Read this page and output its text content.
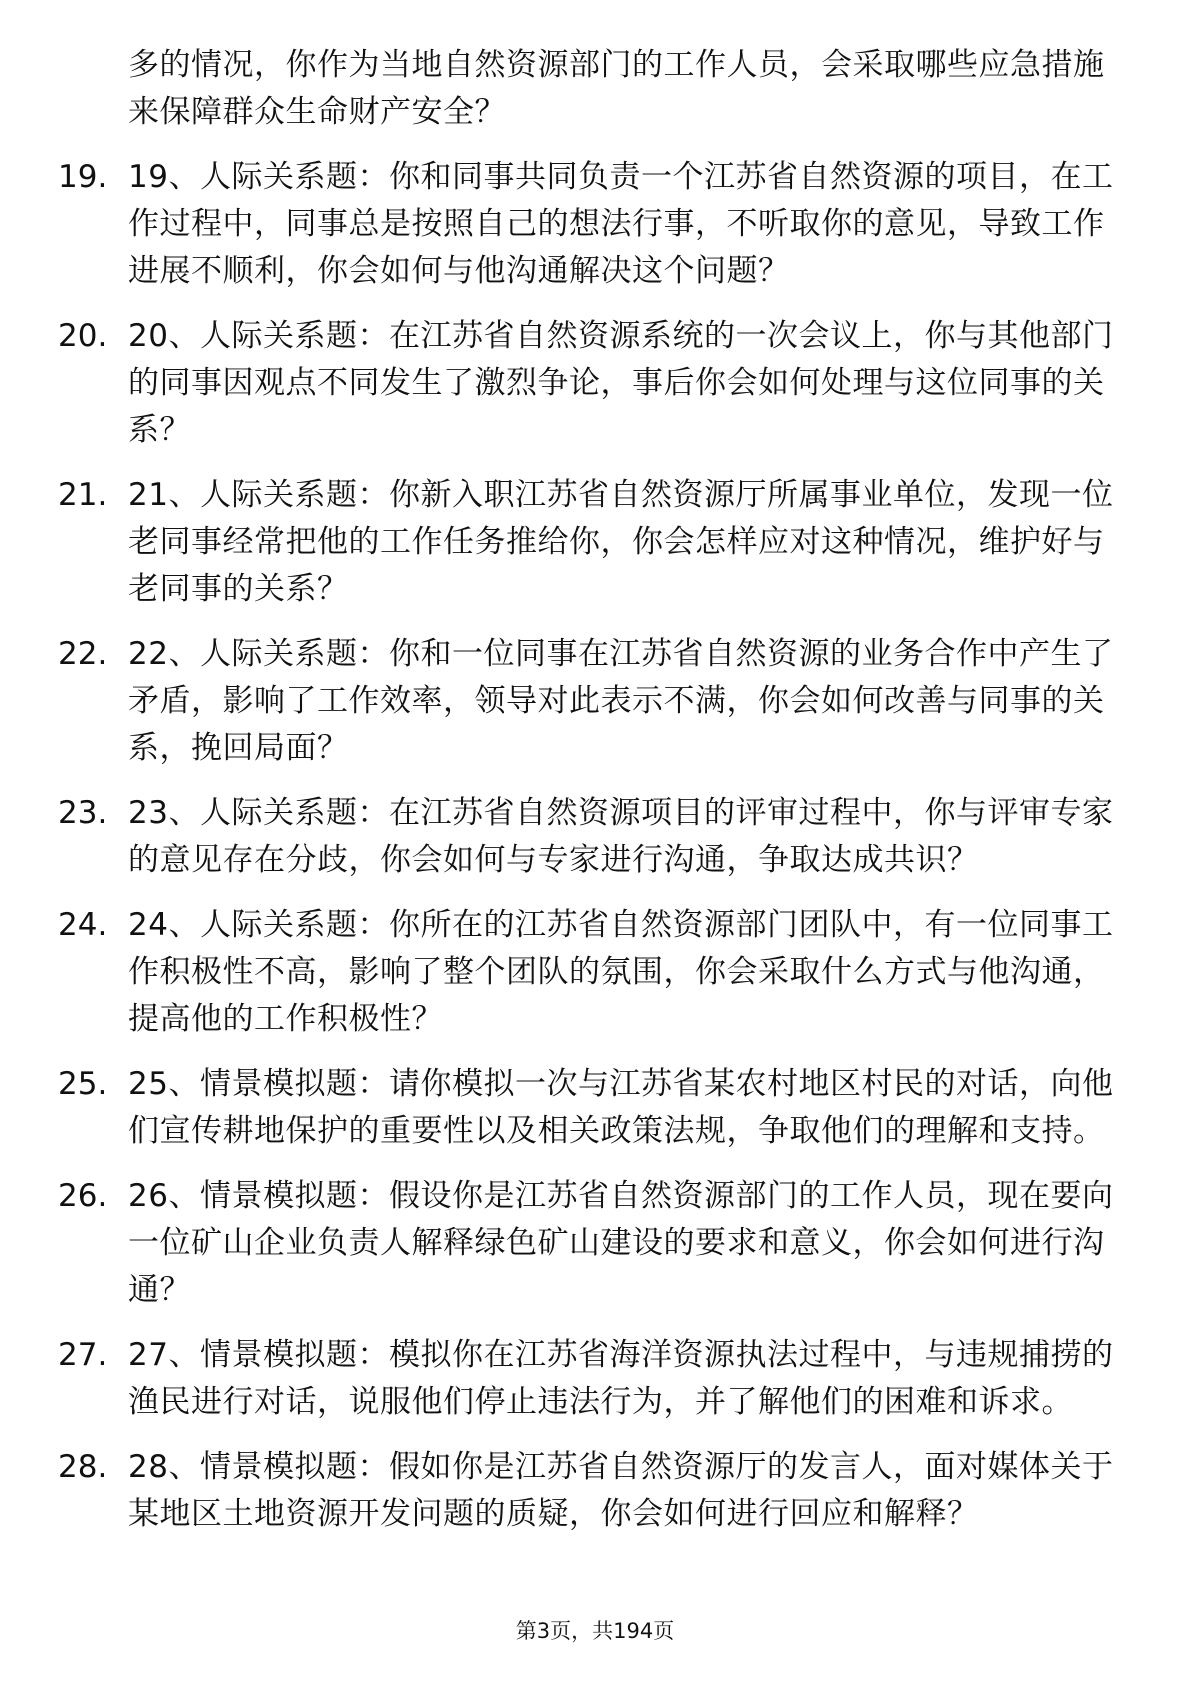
多的情况，你作为当地自然资源部门的工作人员，会采取哪些应急措施来保障群众生命财产安全？
19. 19、人际关系题：你和同事共同负责一个江苏省自然资源的项目，在工作过程中，同事总是按照自己的想法行事，不听取你的意见，导致工作进展不顺利，你会如何与他沟通解决这个问题？
20. 20、人际关系题：在江苏省自然资源系统的一次会议上，你与其他部门的同事因观点不同发生了激烈争论，事后你会如何处理与这位同事的关系？
21. 21、人际关系题：你新入职江苏省自然资源厅所属事业单位，发现一位老同事经常把他的工作任务推给你，你会怎样应对这种情况，维护好与老同事的关系？
22. 22、人际关系题：你和一位同事在江苏省自然资源的业务合作中产生了矛盾，影响了工作效率，领导对此表示不满，你会如何改善与同事的关系，挽回局面？
23. 23、人际关系题：在江苏省自然资源项目的评审过程中，你与评审专家的意见存在分歧，你会如何与专家进行沟通，争取达成共识？
24. 24、人际关系题：你所在的江苏省自然资源部门团队中，有一位同事工作积极性不高，影响了整个团队的氛围，你会采取什么方式与他沟通，提高他的工作积极性？
25. 25、情景模拟题：请你模拟一次与江苏省某农村地区村民的对话，向他们宣传耕地保护的重要性以及相关政策法规，争取他们的理解和支持。
26. 26、情景模拟题：假设你是江苏省自然资源部门的工作人员，现在要向一位矿山企业负责人解释绿色矿山建设的要求和意义，你会如何进行沟通？
27. 27、情景模拟题：模拟你在江苏省海洋资源执法过程中，与违规捕捞的渔民进行对话，说服他们停止违法行为，并了解他们的困难和诉求。
28. 28、情景模拟题：假如你是江苏省自然资源厅的发言人，面对媒体关于某地区土地资源开发问题的质疑，你会如何进行回应和解释？
第3页，共194页
